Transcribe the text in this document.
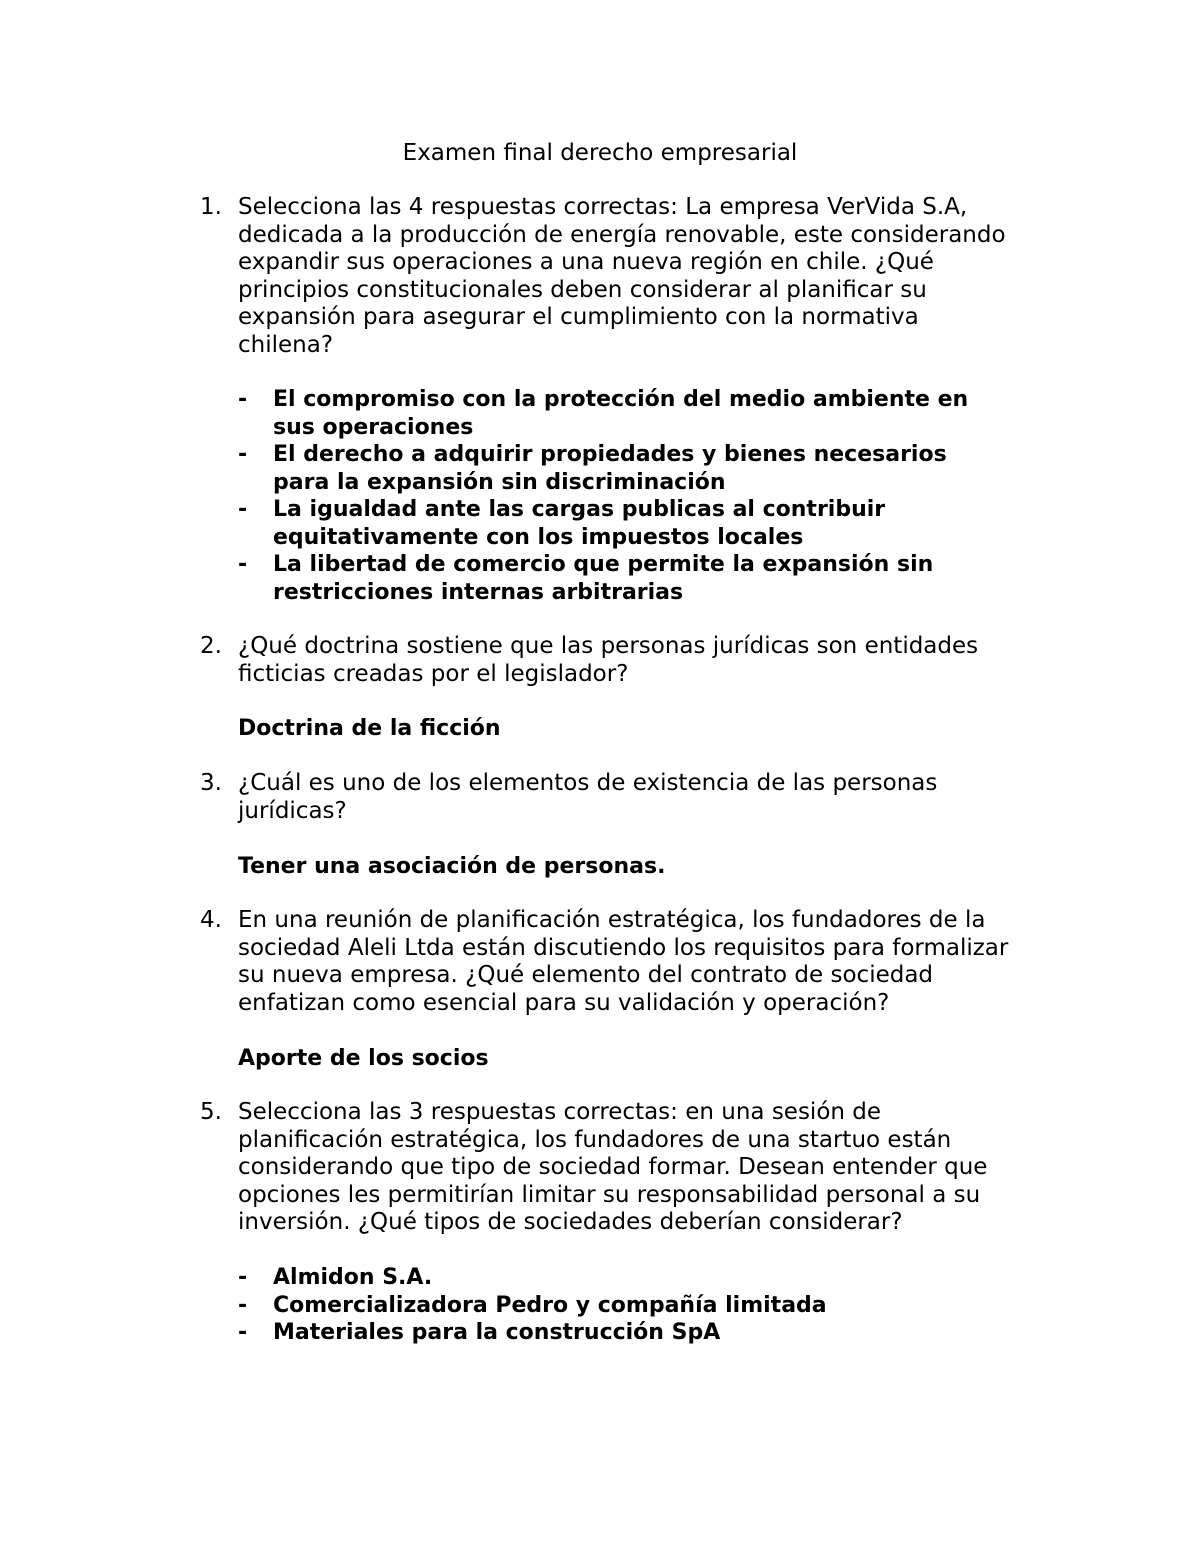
Examen final derecho empresarial
1. Selecciona las 4 respuestas correctas: La empresa VerVida S.A,
dedicada a la producción de energía renovable, este considerando
expandir sus operaciones a una nueva región en chile. ¿Qué
principios constitucionales deben considerar al planificar su
expansión para asegurar el cumplimiento con la normativa
chilena?
- El compromiso con la protección del medio ambiente en
sus operaciones
- El derecho a adquirir propiedades y bienes necesarios
para la expansión sin discriminación
- La igualdad ante las cargas publicas al contribuir
equitativamente con los impuestos locales
- La libertad de comercio que permite la expansión sin
restricciones internas arbitrarias
2. ¿Qué doctrina sostiene que las personas jurídicas son entidades
ficticias creadas por el legislador?
Doctrina de la ficción
3. ¿Cuál es uno de los elementos de existencia de las personas
jurídicas?
Tener una asociación de personas.
4. En una reunión de planificación estratégica, los fundadores de la
sociedad Aleli Ltda están discutiendo los requisitos para formalizar
su nueva empresa. ¿Qué elemento del contrato de sociedad
enfatizan como esencial para su validación y operación?
Aporte de los socios
5. Selecciona las 3 respuestas correctas: en una sesión de
planificación estratégica, los fundadores de una startuo están
considerando que tipo de sociedad formar. Desean entender que
opciones les permitirían limitar su responsabilidad personal a su
inversión. ¿Qué tipos de sociedades deberían considerar?
- Almidon S.A.
- Comercializadora Pedro y compañía limitada
- Materiales para la construcción SpA
